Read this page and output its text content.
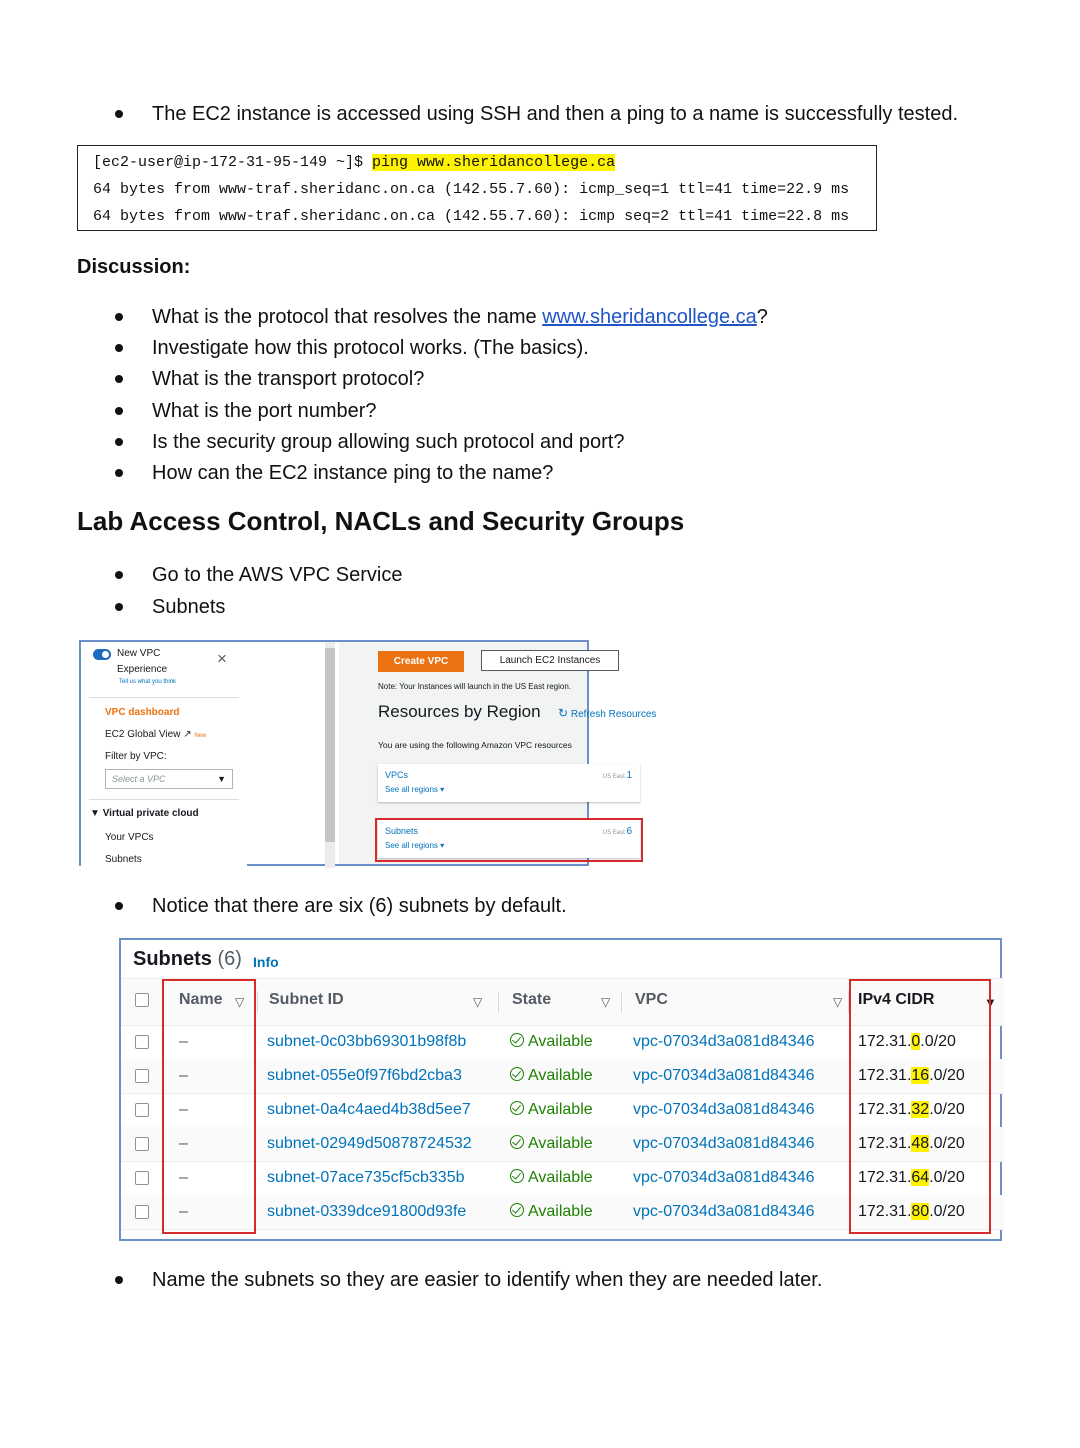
The EC2 instance is accessed using SSH and then a ping to a name is successfully tested.
[ec2-user@ip-172-31-95-149 ~]$ ping www.sheridancollege.ca
64 bytes from www-traf.sheridanc.on.ca (142.55.7.60): icmp_seq=1 ttl=41 time=22.9 ms
64 bytes from www-traf.sheridanc.on.ca (142.55.7.60): icmp seq=2 ttl=41 time=22.8 ms
Discussion:
What is the protocol that resolves the name www.sheridancollege.ca?
Investigate how this protocol works. (The basics).
What is the transport protocol?
What is the port number?
Is the security group allowing such protocol and port?
How can the EC2 instance ping to the name?
Lab Access Control, NACLs and Security Groups
Go to the AWS VPC Service
Subnets
New VPC
Experience
Tell us what you think
×
VPC dashboard
EC2 Global View ↗ New
Filter by VPC:
Select a VPC	▼
▼ Virtual private cloud
Your VPCs
Subnets
Create VPC	Launch EC2 Instances
Note: Your Instances will launch in the US East region.
Resources by Region ↻ Refresh Resources
You are using the following Amazon VPC resources
VPCs
See all regions ▾
US East 1
Subnets
See all regions ▾
US East 6
Notice that there are six (6) subnets by default.
Subnets (6) Info
Name ▽ Subnet ID	▽ State	▽ VPC	▽ IPv4 CIDR	▼
–	subnet-0c03bb69301b98f8b	Available	vpc-07034d3a081d84346	172.31.0.0/20
–	subnet-055e0f97f6bd2cba3	Available	vpc-07034d3a081d84346	172.31.16.0/20
–	subnet-0a4c4aed4b38d5ee7	Available	vpc-07034d3a081d84346	172.31.32.0/20
–	subnet-02949d50878724532	Available	vpc-07034d3a081d84346	172.31.48.0/20
–	subnet-07ace735cf5cb335b	Available	vpc-07034d3a081d84346	172.31.64.0/20
–	subnet-0339dce91800d93fe	Available	vpc-07034d3a081d84346	172.31.80.0/20
Name the subnets so they are easier to identify when they are needed later.
